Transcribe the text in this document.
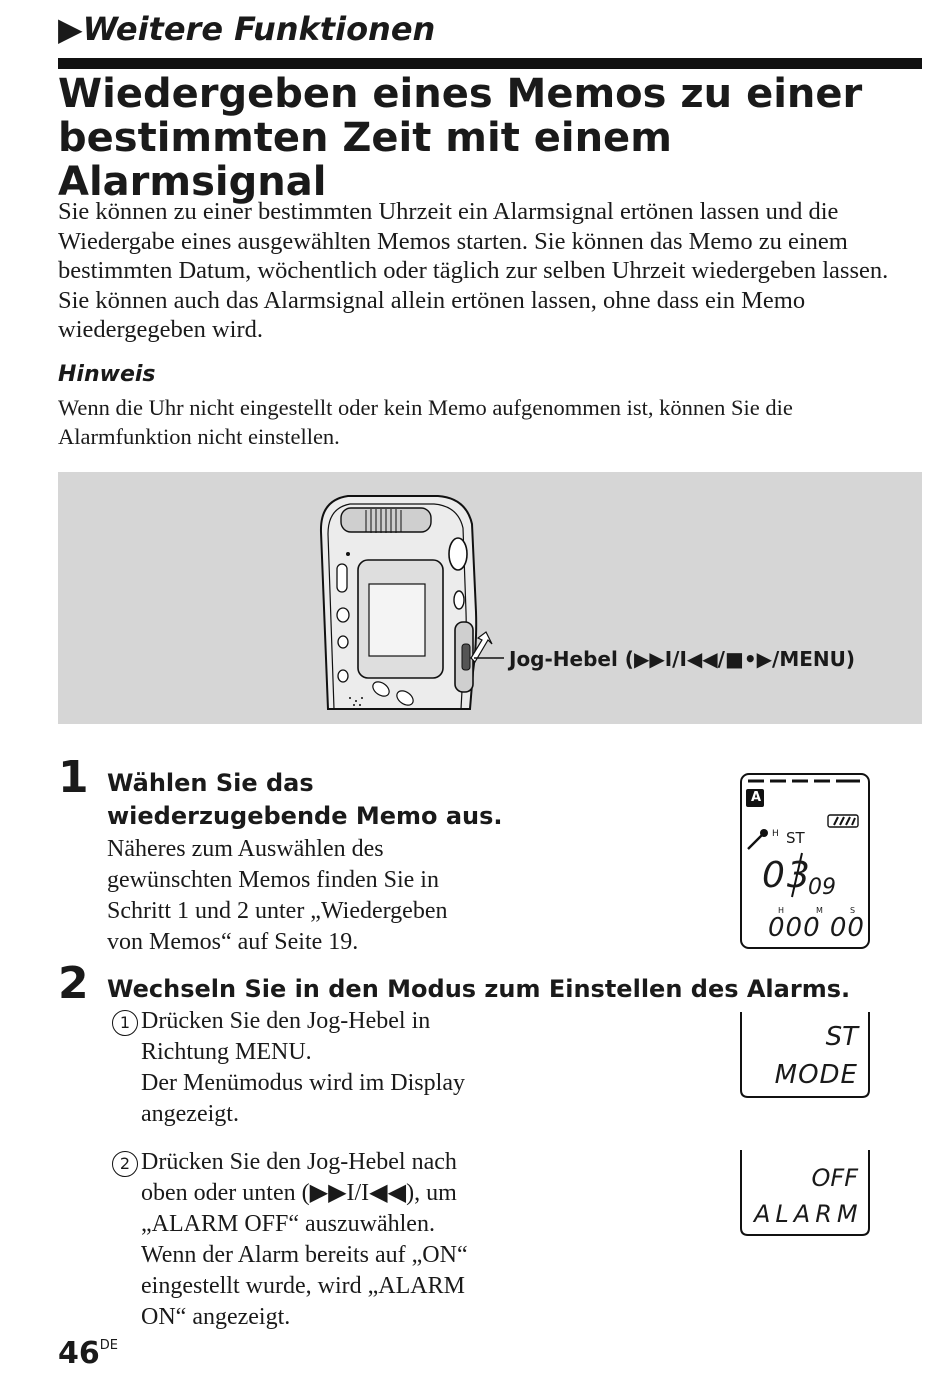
▶Weitere Funktionen
Wiedergeben eines Memos zu einer
bestimmten Zeit mit einem Alarmsignal
Sie können zu einer bestimmten Uhrzeit ein Alarmsignal ertönen lassen und die Wiedergabe eines ausgewählten Memos starten. Sie können das Memo zu einem bestimmten Datum, wöchentlich oder täglich zur selben Uhrzeit wiedergeben lassen. Sie können auch das Alarmsignal allein ertönen lassen, ohne dass ein Memo wiedergegeben wird.
Hinweis
Wenn die Uhr nicht eingestellt oder kein Memo aufgenommen ist, können Sie die Alarmfunktion nicht einstellen.
Jog-Hebel (▶▶I/I◀◀/■•▶/MENU)
1 Wählen Sie das
wiederzugebende Memo aus.
Näheres zum Auswählen des
gewünschten Memos finden Sie in
Schritt 1 und 2 unter „Wiedergeben
von Memos“ auf Seite 19.
A
H ST
03
09
H	M	S
000 00
2 Wechseln Sie in den Modus zum Einstellen des Alarms.
1 Drücken Sie den Jog-Hebel in
Richtung MENU.
Der Menümodus wird im Display
angezeigt.
ST
MODE
2 Drücken Sie den Jog-Hebel nach
oben oder unten (▶▶I/I◀◀), um
„ALARM OFF“ auszuwählen.
Wenn der Alarm bereits auf „ON“
eingestellt wurde, wird „ALARM
ON“ angezeigt.
OFF
ALARM
46DE
